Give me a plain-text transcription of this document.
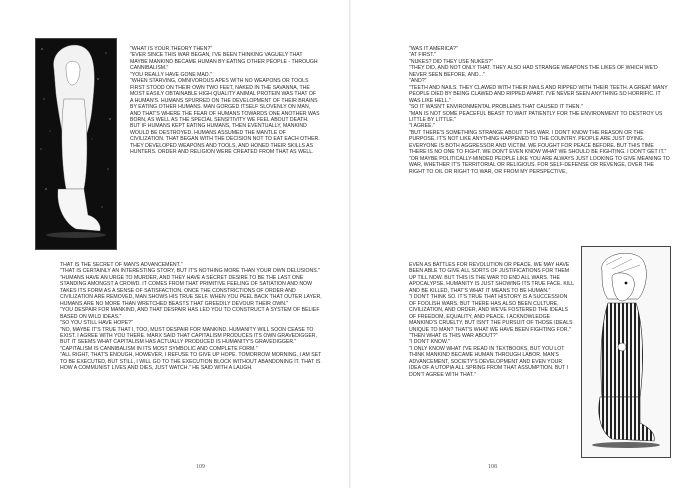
"WHAT IS YOUR THEORY THEN?"

"EVER SINCE THIS WAR BEGAN, I'VE BEEN THINKING VAGUELY THAT MAYBE MANKIND BECAME HUMAN BY EATING OTHER PEOPLE - THROUGH CANNIBALISM."

"YOU REALLY HAVE GONE MAD."

"WHEN STARVING, OMNIVOROUS APES WITH NO WEAPONS OR TOOLS FIRST STOOD ON THEIR OWN TWO FEET, NAKED IN THE SAVANNA, THE MOST EASILY OBTAINABLE HIGH QUALITY ANIMAL PROTEIN WAS THAT OF A HUMAN'S. HUMANS SPURRED ON THE DEVELOPMENT OF THEIR BRAINS BY EATING OTHER HUMANS. MAN GORGED ITSELF SLOVENLY ON MAN, AND THAT'S WHERE THE FEAR OF HUMANS TOWARDS ONE ANOTHER WAS BORN, AS WELL AS THE SPECIAL SENSITIVITY WE FEEL ABOUT DEATH. BUT IF HUMANS KEPT EATING HUMANS, THEN EVENTUALLY, MANKIND WOULD BE DESTROYED. HUMANS ASSUMED THE MANTLE OF CIVILIZATION. THAT BEGAN WITH THE DECISION NOT TO EAT EACH OTHER. THEY DEVELOPED WEAPONS AND TOOLS, AND HONED THEIR SKILLS AS HUNTERS. ORDER AND RELIGION WERE CREATED FROM THAT AS WELL.

THAT IS THE SECRET OF MAN'S ADVANCEMENT."

"THAT IS CERTAINLY AN INTERESTING STORY, BUT IT'S NOTHING MORE THAN YOUR OWN DELUSIONS."

"HUMANS HAVE AN URGE TO MURDER, AND THEY HAVE A SECRET DESIRE TO BE THE LAST ONE STANDING AMONGST A CROWD. IT COMES FROM THAT PRIMITIVE FEELING OF SATIATION AND NOW TAKES ITS FORM AS A SENSE OF SATISFACTION. ONCE THE CONSTRICTIONS OF ORDER AND CIVILIZATION ARE REMOVED, MAN SHOWS HIS TRUE SELF. WHEN YOU PEEL BACK THAT OUTER LAYER, HUMANS ARE NO MORE THAN WRETCHED BEASTS THAT GREEDILY DEVOUR THEIR OWN."

"YOU DESPAIR FOR MANKIND, AND THAT DESPAIR HAS LED YOU TO CONSTRUCT A SYSTEM OF BELIEF BASED ON WILD IDEAS."

"SO YOU STILL HAVE HOPE?"

"NO, MAYBE IT'S TRUE THAT I, TOO, MUST DESPAIR FOR MANKIND. HUMANITY WILL SOON CEASE TO EXIST. I AGREE WITH YOU THERE. MARX SAID THAT CAPITALISM PRODUCES ITS OWN GRAVEDIGGER, BUT IT SEEMS WHAT CAPITALISM HAS ACTUALLY PRODUCED IS HUMANITY'S GRAVEDIGGER."

"CAPITALISM IS CANNIBALISM IN ITS MOST SYMBOLIC AND COMPLETE FORM."

"ALL RIGHT, THAT'S ENOUGH, HOWEVER, I REFUSE TO GIVE UP HOPE. TOMORROW MORNING, I AM SET TO BE EXECUTED, BUT STILL, I WILL GO TO THE EXECUTION BLOCK WITHOUT ABANDONING IT. THAT IS HOW A COMMUNIST LIVES AND DIES, JUST WATCH." HE SAID WITH A LAUGH.

109

"WAS IT AMERICA?"

"AT FIRST."

"NUKES? DID THEY USE NUKES?"

"THEY DID, AND NOT ONLY THAT. THEY ALSO HAD STRANGE WEAPONS THE LIKES OF WHICH WE'D NEVER SEEN BEFORE, AND..."

"AND?"

"TEETH AND NAILS. THEY CLAWED WITH THEIR NAILS AND RIPPED WITH THEIR TEETH. A GREAT MANY PEOPLE DIED BY BEING CLAWED AND RIPPED APART. I'VE NEVER SEEN ANYTHING SO HORRIFIC. IT WAS LIKE HELL."

"SO IT WASN'T ENVIRONMENTAL PROBLEMS THAT CAUSED IT THEN."

"MAN IS NOT SOME PEACEFUL BEAST TO WAIT PATIENTLY FOR THE ENVIRONMENT TO DESTROY US LITTLE BY LITTLE."

"I AGREE."

"BUT THERE'S SOMETHING STRANGE ABOUT THIS WAR. I DON'T KNOW THE REASON OR THE PURPOSE. IT'S NOT LIKE ANYTHING HAPPENED TO THE COUNTRY. PEOPLE ARE JUST DYING. EVERYONE IS BOTH AGGRESSOR AND VICTIM. WE FOUGHT FOR PEACE BEFORE. BUT THIS TIME THERE IS NO ONE TO FIGHT. WE DON'T EVEN KNOW WHAT WE SHOULD BE FIGHTING. I DON'T GET IT."

"OR MAYBE POLITICALLY-MINDED PEOPLE LIKE YOU ARE ALWAYS JUST LOOKING TO GIVE MEANING TO WAR, WHETHER IT'S TERRITORIAL OR RELIGIOUS. FOR SELF-DEFENSE OR REVENGE, OVER THE RIGHT TO OIL OR RIGHT TO WAR, OR FROM MY PERSPECTIVE,

EVEN AS BATTLES FOR REVOLUTION OR PEACE. WE MAY HAVE BEEN ABLE TO GIVE ALL SORTS OF JUSTIFICATIONS FOR THEM UP TILL NOW. BUT THIS IS THE WAR TO END ALL WARS. THE APOCALYPSE. HUMANITY IS JUST SHOWING ITS TRUE FACE. KILL AND BE KILLED, THAT'S WHAT IT MEANS TO BE HUMAN."

"I DON'T THINK SO. IT'S TRUE THAT HISTORY IS A SUCCESSION OF FOOLISH WARS. BUT THERE HAS ALSO BEEN CULTURE, CIVILIZATION, AND ORDER, AND WE'VE FOSTERED THE IDEALS OF FREEDOM, EQUALITY, AND PEACE. I ACKNOWLEDGE MANKIND'S CRUELTY, BUT ISN'T THE PURSUIT OF THOSE IDEALS UNIQUE TO MAN? THAT'S WHAT WE HAVE BEEN FIGHTING FOR."

"THEN WHAT IS THIS WAR ABOUT?"

"I DON'T KNOW."

"I ONLY KNOW WHAT I'VE READ IN TEXTBOOKS, BUT YOU LOT THINK MANKIND BECAME HUMAN THROUGH LABOR. MAN'S ADVANCEMENT, SOCIETY'S DEVELOPMENT AND EVEN YOUR IDEA OF A UTOPIA ALL SPRING FROM THAT ASSUMPTION. BUT I DON'T AGREE WITH THAT."

108
